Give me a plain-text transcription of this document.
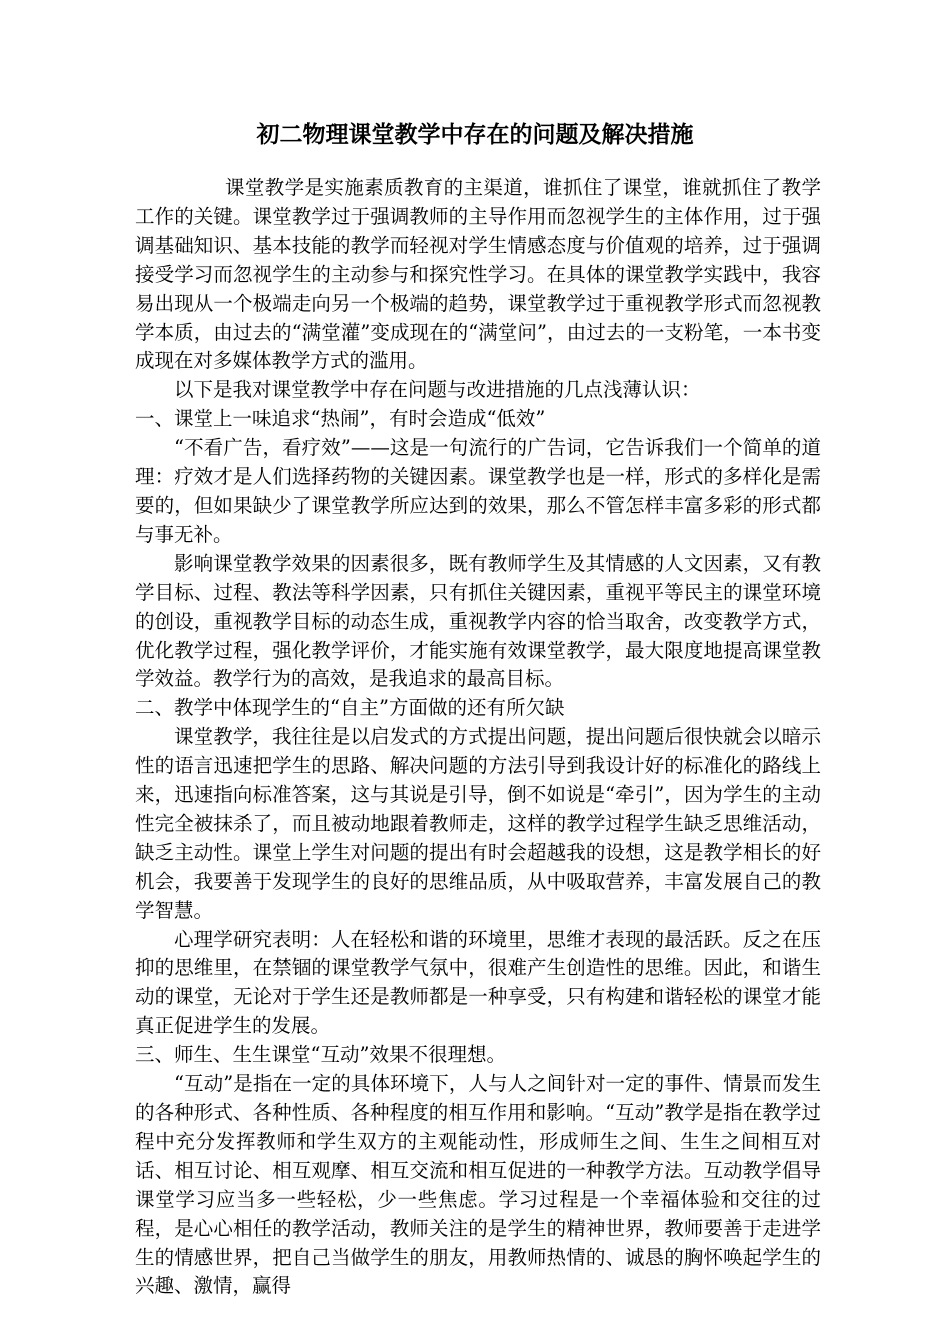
初二物理课堂教学中存在的问题及解决措施

课堂教学是实施素质教育的主渠道，谁抓住了课堂，谁就抓住了教学工作的关键。课堂教学过于强调教师的主导作用而忽视学生的主体作用，过于强调基础知识、基本技能的教学而轻视对学生情感态度与价值观的培养，过于强调接受学习而忽视学生的主动参与和探究性学习。在具体的课堂教学实践中，我容易出现从一个极端走向另一个极端的趋势，课堂教学过于重视教学形式而忽视教学本质，由过去的“满堂灌”变成现在的“满堂问”，由过去的一支粉笔，一本书变成现在对多媒体教学方式的滥用。

以下是我对课堂教学中存在问题与改进措施的几点浅薄认识：

一、课堂上一味追求“热闹”，有时会造成“低效”

“不看广告，看疗效”——这是一句流行的广告词，它告诉我们一个简单的道理：疗效才是人们选择药物的关键因素。课堂教学也是一样，形式的多样化是需要的，但如果缺少了课堂教学所应达到的效果，那么不管怎样丰富多彩的形式都与事无补。

影响课堂教学效果的因素很多，既有教师学生及其情感的人文因素，又有教学目标、过程、教法等科学因素，只有抓住关键因素，重视平等民主的课堂环境的创设，重视教学目标的动态生成，重视教学内容的恰当取舍，改变教学方式，优化教学过程，强化教学评价，才能实施有效课堂教学，最大限度地提高课堂教学效益。教学行为的高效，是我追求的最高目标。

二、教学中体现学生的“自主”方面做的还有所欠缺

课堂教学，我往往是以启发式的方式提出问题，提出问题后很快就会以暗示性的语言迅速把学生的思路、解决问题的方法引导到我设计好的标准化的路线上来，迅速指向标准答案，这与其说是引导，倒不如说是“牵引”，因为学生的主动性完全被抹杀了，而且被动地跟着教师走，这样的教学过程学生缺乏思维活动，缺乏主动性。课堂上学生对问题的提出有时会超越我的设想，这是教学相长的好机会，我要善于发现学生的良好的思维品质，从中吸取营养，丰富发展自己的教学智慧。

心理学研究表明：人在轻松和谐的环境里，思维才表现的最活跃。反之在压抑的思维里，在禁锢的课堂教学气氛中，很难产生创造性的思维。因此，和谐生动的课堂，无论对于学生还是教师都是一种享受，只有构建和谐轻松的课堂才能真正促进学生的发展。

三、师生、生生课堂“互动”效果不很理想。

“互动”是指在一定的具体环境下，人与人之间针对一定的事件、情景而发生的各种形式、各种性质、各种程度的相互作用和影响。“互动”教学是指在教学过程中充分发挥教师和学生双方的主观能动性，形成师生之间、生生之间相互对话、相互讨论、相互观摩、相互交流和相互促进的一种教学方法。互动教学倡导课堂学习应当多一些轻松，少一些焦虑。学习过程是一个幸福体验和交往的过程，是心心相任的教学活动，教师关注的是学生的精神世界，教师要善于走进学生的情感世界，把自己当做学生的朋友，用教师热情的、诚恳的胸怀唤起学生的兴趣、激情，赢得
